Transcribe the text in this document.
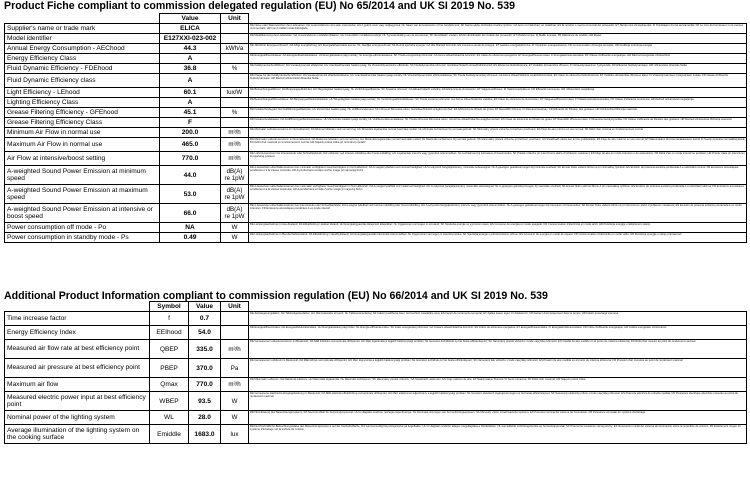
Product Fiche compliant to commission delegated regulation (EU) No 65/2014 and UK SI 2019 No. 539
	Value	Unit	
Supplier's name or trade mark	ELICA		DE Name oder Warenzeichen des Lieferanten; DA Leverandørens navn eller varemærke; HU A gyártó neve vagy védjegyének; NL Naam van de leverancier of het handelsmerk; SK Názov alebo obchodná značka výrobcu; GA Ainm nó trádmharc an tsoláthraí; ES El nombre o marca comercial del proveedor; ET Tarnija nimi või kaubamärk; FI Toimittajan nimi tai tavaramerkki; FR Le nom du fournisseur ou la marque commerciale; HR Ime ili zaštitni znak dobavljača
Model identifier	E127XXI-023-002		DE Modellkennung des Lieferanten; DA Leverandørens modelidentifikation; HU A beszállító modellazonosítója; NL Typeaanduiding van de leverancier; SK Identifikátor modelu; ES El identificador del modelo del proveedor; ET Mudeli tunnus; FI Mallin tunniste; FR Référence du modèle; HR Model
Annual Energy Consumption - AEChood	44.3	kWh/a	DE Jährlicher Energieverbrauch; DA Årligt energiforbrug; HU Energiafelhasználás évente; NL Jaarlijks energieverbruik; SK Ročná spotreba energie; GA Ídiú bliantúil fuinnimh; ES Consumo anual de energía; ET Aastane energiatarbimine; FI Vuotuinen energiankulutus; FR Consommation d'énergie annuelle; HR Godišnja potrošnja energije
Energy Efficiency Class	A		DE Energieeffizienzklasse; DA Energieeffektivitetsklasse; HU Energiahatékonysági osztály; NL Energie-efficiëntieklasse; SK Trieda energetickej účinnosti; GA Aicme éifeachtúlachta fuinnimh; ES Clase de eficiencia energética; ET Energiatõhususe klass; FI Energiatehokkuusluokka; FR Classe d'efficacité énergétique; HR Razred energetske učinkovitosti
Fluid Dynamic Efficiency - FDEhood	36.8	%	DE fluiddynamische Effizienz; DA Væskedynamisk effektivitet; HU Áramlásdinamikai hatékonyság; NL Vloeistofdynamische efficiëntie; SK Fluidodynamická účinnosť; GA Éifeachtúlacht shreabhdhinimiciúil; ES Eficiencia fluidodinámica; ET Vedeliku dünaamiline tõhusus; FI Virtausdynaaminen hyötysuhde; FR Efficacité fluidodynamique; HR Učinkovitost dinamike fluida
Fluid Dynamic Efficiency class	A		DE Klasse für die fluiddynamische Effizienz; DA Væskedynamisk effektivitetsklasse; HU Áramlásdinamikai hatékonysági osztály; NL Vloeistofdynamische efficiëntieklasse; SK Trieda fluidodynamickej účinnosti; GA Aicme éifeachtúlachta sreabhdhinimiciúla; ES Clase de eficiencia fluidodinámica; ET Vedeliku dünaamilise tõhususe klass; FI Virtausdynaamisen hyötysuhteen luokka; FR Classe d'efficacité fluidodynamique; HR Razred učinkovitosti dinamike fluida
Light Efficiency - LEhood	60.1	lux/W	DE Beleuchtungseffizienz; DA Belysningseffektivitet; HU Megvilágítási hatékonyság; NL Verlichtingsefficiëntie; SK Svetelná účinnosť; GA Éifeachtúlacht soilsithe; ES Eficiencia de iluminación; ET Valgustustõhusus; FI Valaistustehokkuus; FR Efficacité lumineuse; HR Učinkovitost osvjetljenja
Lighting Efficiency Class	A		DE Beleuchtungseffizienzklasse; DA Belysningseffektivitetsklasse; HU Megvilágítási hatékonysági osztály; NL Verlichtingsefficiëntieklasse; SK Trieda svetelnej účinnosti; GA Aicme éifeachtúlachta soilsithe; ES Clase de eficiencia de iluminación; ET Valgustustõhususe klass; FI Valaistustehokkuusluokka; FR Classe d'efficacité lumineuse; HR Razred učinkovitosti osvjetljenja
Grease Filtering Efficiency - GFEhood	45.1	%	DE Fettabscheidegrad; DA Fedtfiltreringseffektivitet; HU Zsírszűrési hatékonyság; NL Vetfilterrendement; SK Účinnosť filtrovania tukov; GA Éifeachtúlacht scagtha ramhair; ES Eficiencia de filtrado de grasa; ET Rasvafiltri tõhusus; FI Rasvanerotuskyky; FR Efficacité de filtration des graisses; HR Učinkovitost filtriranja masnoće
Grease Filtering Efficiency Class	F		DE Fettabscheideklasse; DA Fedtfiltreringseffektivitetsklasse; HU Zsírszűrési hatékonysági osztály; NL Vetfilterrendementsklasse; SK Trieda účinnosti filtrovania tukov; GA Aicme éifeachtúlachta scagtha ramhair; ES Clase de eficiencia de filtrado de grasa; ET Rasvafiltri tõhususe klass; FI Rasvanerotuskykyluokka; FR Classe d'efficacité de filtration des graisses; HR Razred učinkovitosti filtriranja masnoće
Minimum Air Flow in normal use	200.0	m³/h	DE Minimaler Luftvolumenstrom im Normalbetrieb; DA Minimal luftstrøm ved normal brug; HU Minimális légáramlás normál használat mellett; NL Minimale luchtstroom bij normaal gebruik; SK Minimálny prietok vzduchu pri bežnom používaní; ES Flujo de aire mínimo en uso normal; FR Débit d'air minimal en fonctionnement normal
Maximum Air Flow in normal use	465.0	m³/h	DE Maximaler Luftvolumenstrom im Normalbetrieb; DA Maksimal luftstrøm ved normal brug; HU Maximális légáramlás normál használat mellett; NL Maximale luchtstroom bij normaal gebruik; SK Maximálny prietok vzduchu pri bežnom používaní; GA Sreabhadh uasta aeir le linn gnáthúsáide; ES Flujo de aire máximo en uso normal; ET Maksimaalne õhuvool tavakasutuse korral; FI Suurin ilmavirta normaalikäytössä; FR Débit d'air maximal en fonctionnement normal; HR Najveći protok zraka pri normalnoj uporabi
Air Flow at intensive/boost setting	770.0	m³/h	DE Luftvolumenstrom bei Intensivstufe oder Schnelllaufstufe; DA Luftstrøm ved intensiv indstilling eller boost-indstilling; HU Légáramlás intenzív vagy gyorsított üzemmódban; NL Luchtstroom bij intensieve of boostmodus; SK Prietok vzduchu pri intenzívnom alebo zrýchlenom nastavení; ES Flujo de aire en modo intensivo o de aceleración; FR Débit d'air en mode intensif ou accéléré; HR Protok zraka pri intenzivnoj ili pojačanoj postavci
A-weighted Sound Power Emission at minimum speed	44.0	dB(A) re 1pW	DE A-bewertete Luftschallemissionen bei minimaler verfügbarer Geschwindigkeit im Normalbetrieb; DA A-vægtet lydeffekt ved minimal hastighed; HU A-súlyozott hangteljesítmény minimális sebességnél; NL A-gewogen geluidsvermogen bij minimale snelheid; SK Emisie hluku vážené filtrom A pri minimálnej rýchlosti; ES Emisión de potencia acústica ponderada A a velocidad mínima; FR Émissions acoustiques pondérées A à la vitesse minimale; HR A-ponderirana emisija zvučne snage pri najmanjoj brzini
A-weighted Sound Power Emission at maximum speed	53.0	dB(A) re 1pW	DE A-bewertete Luftschallemissionen bei maximaler verfügbarer Geschwindigkeit im Normalbetrieb; DA A-vægtet lydeffekt ved maksimal hastighed; HU A-súlyozott hangteljesítmény maximális sebességnél; NL A-gewogen geluidsvermogen bij maximale snelheid; SK Emisie hluku vážené filtrom A pri maximálnej rýchlosti; ES Emisión de potencia acústica ponderada A a velocidad máxima; FR Émissions acoustiques pondérées A à la vitesse maximale; HR A-ponderirana emisija zvučne snage pri najvećoj brzini
A-weighted Sound Power Emission at intensive or boost speed	66.0	dB(A) re 1pW	DE A-bewertete Luftschallemissionen bei Intensivstufe oder Schnelllaufstufe; DA A-vægtet lydeffekt ved intensiv indstilling eller boost-indstilling; HU A-súlyozott hangteljesítmény intenzív vagy gyorsított üzemmódban; NL A-gewogen geluidsvermogen bij intensieve of boostmodus; SK Emisie hluku vážené filtrom A pri intenzívnom alebo zrýchlenom nastavení; ES Emisión de potencia acústica ponderada A en modo intensivo; FR Émissions acoustiques pondérées A en mode intensif
Power consumption off mode - Po	NA	W	DE Leistungsaufnahme im Aus-Zustand; DA Effektforbrug i slukket tilstand; HU Energiafogyasztás kikapcsolt állapotban; NL Opgenomen vermogen in uit-stand; SK Spotreba energie vo vypnutom stave; ES Consumo de energía en modo apagado; FR Consommation d'électricité en mode arrêt; HR Potrošnja energije u isključenom stanju
Power consumption in standby mode - Ps	0.49	W	DE Leistungsaufnahme im Bereitschaftszustand; DA Effektforbrug i standbytilstand; HU Energiafogyasztás készenléti üzemmódban; NL Opgenomen vermogen in stand-bymodus; SK Spotreba energie v pohotovostnom režime; ES Consumo de energía en modo de espera; FR Consommation d'électricité en mode veille; HR Potrošnja energije u stanju pripravnosti
Additional Product Information compliant to commission regulation (EU) No 66/2014 and UK SI 2019 No. 539
	Symbol	Value	Unit	
Time increase factor	f	0.7		DE Zeitsteigerungsfaktor; DA Tidsforøgelsesfaktor; HU Időnövekedési tényező; NL Tijdstoenamefactor; SK Faktor predĺženia času; GA Fachtóir méadaithe ama; ES Factor de incremento temporal; ET Ajalise kasvu tegur; FI Aikakerroin; FR Facteur d'accroissement dans le temps; HR Faktor povećanja vremena
Energy Efficiency Index	EEIhood	54.0		DE Energieeffizienzindex; DA Energieeffektivitetsindeks; HU Energiahatékonysági index; NL Energie-efficiëntie-index; SK Index energetickej účinnosti; GA Innéacs éifeachtúlachta fuinnimh; ES Índice de eficiencia energética; ET Energiatõhususindeks; FI Energiatehokkuusindeksi; FR Indice d'efficacité énergétique; HR Indeks energetske učinkovitosti
Measured air flow rate at best efficiency point	QBEP	335.0	m³/h	DE Gemessener Luftvolumenstrom im Bestpunkt; DA Målt luftstrøm ved optimale driftspunkt; HU Mért légáramlás a legjobb hatékonysági pontban; NL Gemeten luchtdebiet op het beste-efficiëntiepunt; SK Nameraný prietok vzduchu v bode najvyššej účinnosti; ES Caudal de aire medido en el punto de máxima eficiencia; FR Débit d'air mesuré au point de rendement maximal
Measured air pressure at best efficiency point	PBEP	370.0	Pa	DE Gemessener Luftdruck im Bestpunkt; DA Målt lufttryk ved optimale driftspunkt; HU Mért légnyomás a legjobb hatékonysági pontban; NL Gemeten luchtdruk op het beste-efficiëntiepunt; SK Nameraný tlak vzduchu v bode najvyššej účinnosti; ES Presión de aire medida en el punto de máxima eficiencia; FR Pression d'air mesurée au point de rendement maximal
Maximum air flow	Qmax	770.0	m³/h	DE Maximaler Luftstrom; DA Maksimal luftstrøm; HU Maximális légáramlás; NL Maximale luchtstroom; SK Maximálny prietok vzduchu; GA Sreabhadh uasta aeir; ES Flujo máximo de aire; ET Maksimaalne õhuvool; FI Suurin ilmavirta; FR Débit d'air maximal; HR Najveći protok zraka
Measured electric power input at best efficiency point	WBEP	93.5	W	DE Gemessene elektrische Eingangsleistung im Bestpunkt; DA Målt elektrisk effektforbrug ved optimale driftspunkt; HU Mért elektromos teljesítmény a legjobb hatékonysági pontban; NL Gemeten elektrisch ingangsvermogen op het beste-efficiëntiepunt; SK Nameraný elektrický príkon v bode najvyššej účinnosti; ES Potencia eléctrica de entrada medida; FR Puissance électrique absorbée mesurée au point de rendement maximal
Nominal power of the lighting system	WL	28.0	W	DE Nennleistung des Beleuchtungssystems; DA Nominel effekt for belysningssystemet; HU A világítási rendszer névleges teljesítménye; NL Nominaal vermogen van het verlichtingssysteem; SK Menovitý výkon osvetľovacieho systému; ES Potencia nominal del sistema de iluminación; FR Puissance nominale du système d'éclairage
Average illumination of the lighting system on the cooking surface	Emiddle	1683.0	lux	DE Durchschnittliche Beleuchtungsstärke des Beleuchtungssystems auf der Kochoberfläche; DA Gennemsnitlig belysningsstyrke på kogefladen; HU A világítási rendszer átlagos megvilágítása a főzőfelületen; NL Gemiddelde verlichtingssterkte op het kookoppervlak; SK Priemerné osvetlenie varnej plochy; ES Iluminación media del sistema de iluminación sobre la superficie de cocción; FR Éclairement moyen du système d'éclairage sur la surface de cuisson
